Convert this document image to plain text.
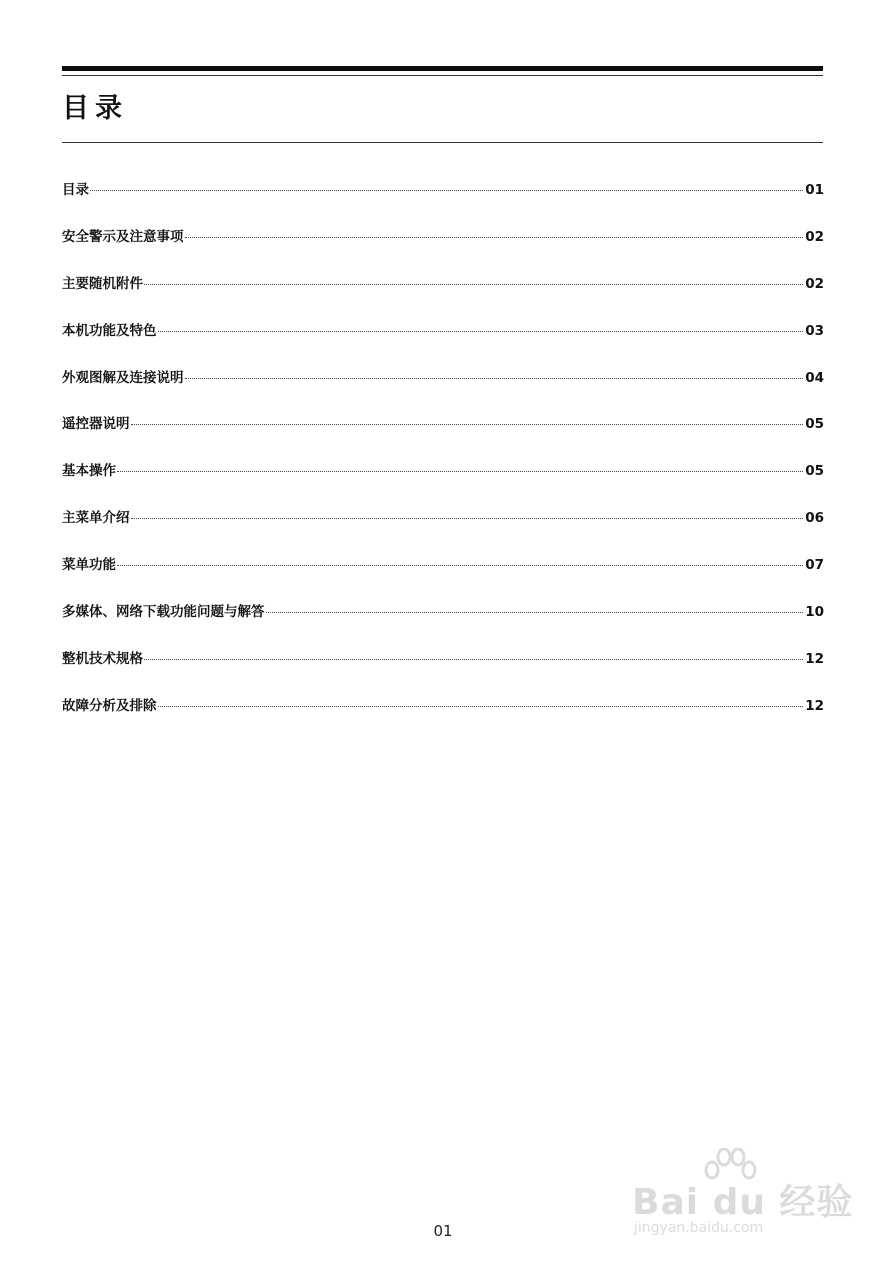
目录
目录	01
安全警示及注意事项	02
主要随机附件	02
本机功能及特色	03
外观图解及连接说明	04
遥控器说明	05
基本操作	05
主菜单介绍	06
菜单功能	07
多媒体、网络下载功能问题与解答	10
整机技术规格	12
故障分析及排除	12
01
Bai du 经验
jingyan.baidu.com
